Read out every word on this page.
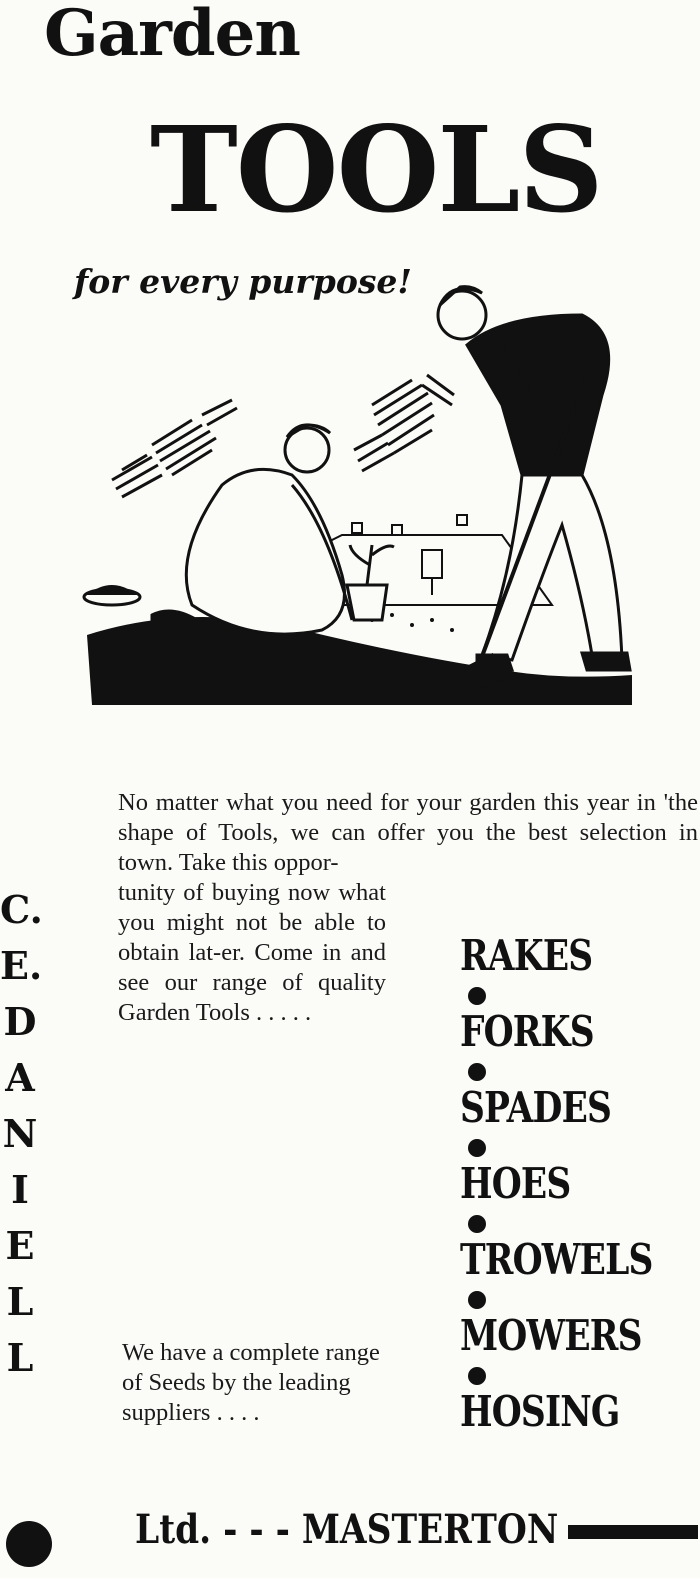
Garden
TOOLS
for every purpose!
No matter what you need for your garden this year in 'the shape of Tools, we can offer you the best selection in town. Take this oppor-
tunity of buying now what you might not be able to obtain lat-er. Come in and see our range of quality Garden Tools . . . . .
C.
E.
D
A
N
I
E
L
L
RAKES
FORKS
SPADES
HOES
TROWELS
MOWERS
HOSING
We have a complete range of Seeds by the leading suppliers . . . .
Ltd. - - - MASTERTON
